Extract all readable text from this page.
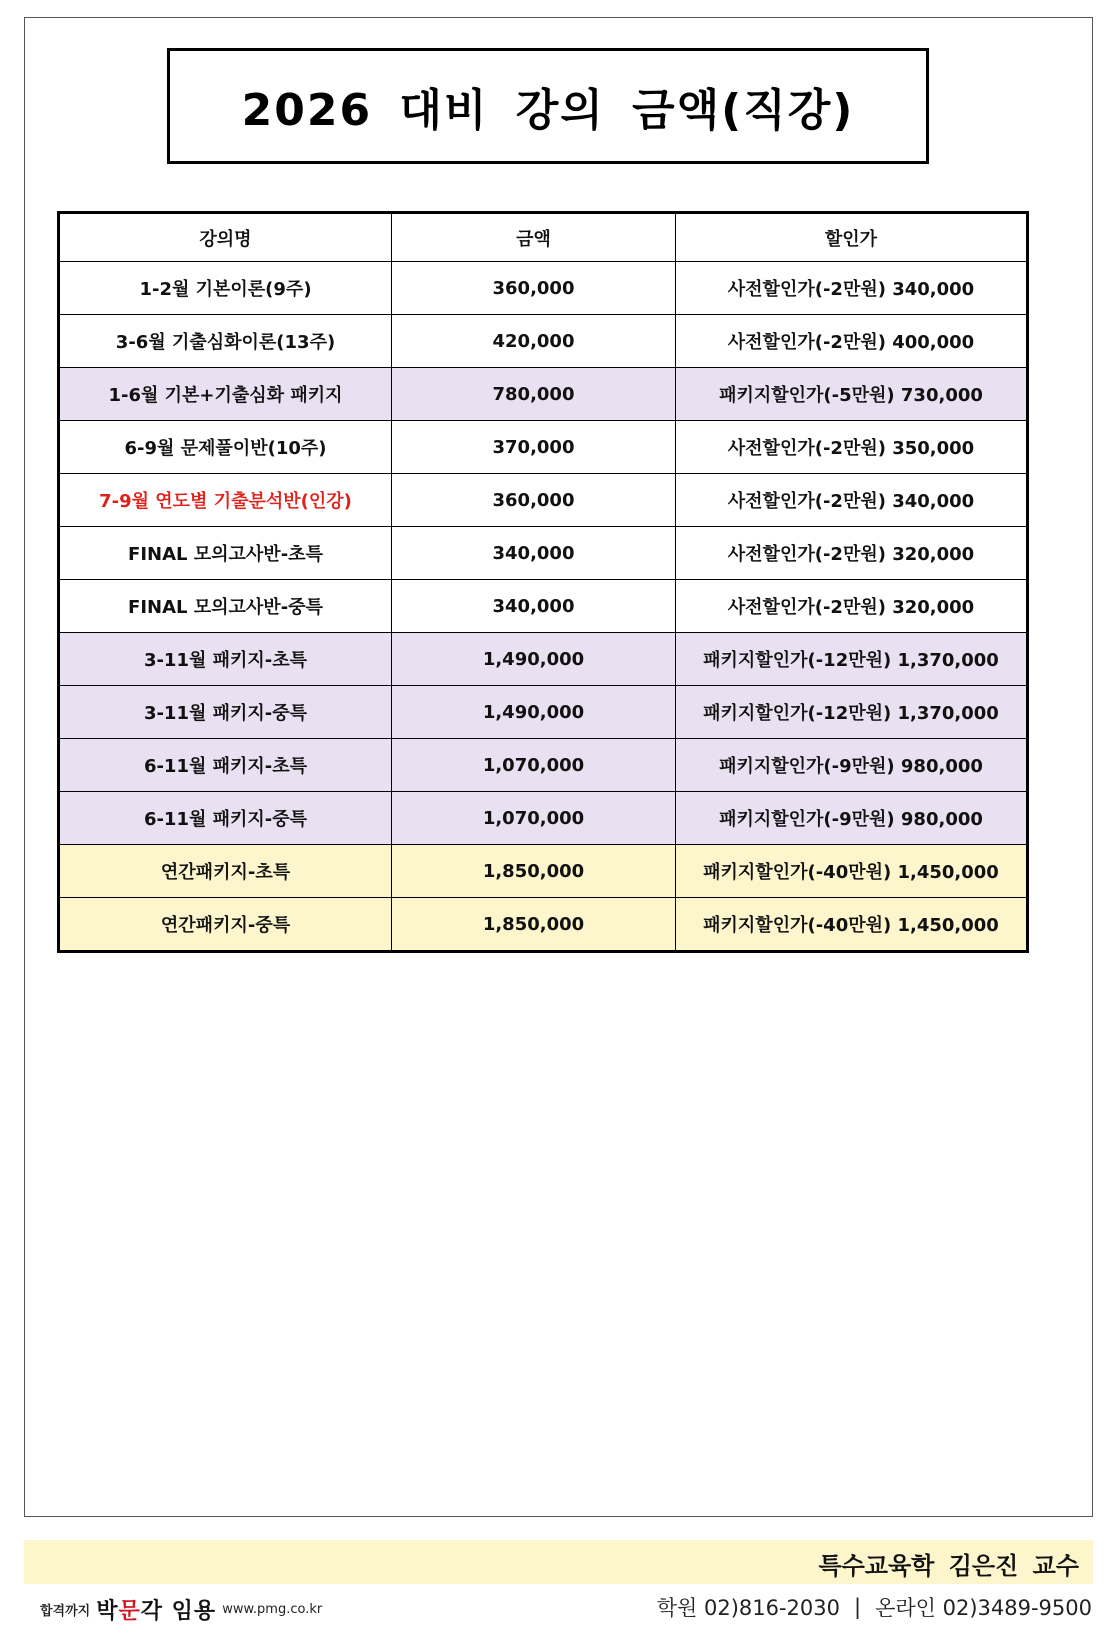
2026 대비 강의 금액(직강)
강의명	금액	할인가
1-2월 기본이론(9주)	360,000	사전할인가(-2만원) 340,000
3-6월 기출심화이론(13주)	420,000	사전할인가(-2만원) 400,000
1-6월 기본+기출심화 패키지	780,000	패키지할인가(-5만원) 730,000
6-9월 문제풀이반(10주)	370,000	사전할인가(-2만원) 350,000
7-9월 연도별 기출분석반(인강)	360,000	사전할인가(-2만원) 340,000
FINAL 모의고사반-초특	340,000	사전할인가(-2만원) 320,000
FINAL 모의고사반-중특	340,000	사전할인가(-2만원) 320,000
3-11월 패키지-초특	1,490,000	패키지할인가(-12만원) 1,370,000
3-11월 패키지-중특	1,490,000	패키지할인가(-12만원) 1,370,000
6-11월 패키지-초특	1,070,000	패키지할인가(-9만원) 980,000
6-11월 패키지-중특	1,070,000	패키지할인가(-9만원) 980,000
연간패키지-초특	1,850,000	패키지할인가(-40만원) 1,450,000
연간패키지-중특	1,850,000	패키지할인가(-40만원) 1,450,000
특수교육학 김은진 교수
합격까지 박문각 임용 www.pmg.co.kr	학원 02)816-2030 | 온라인 02)3489-9500
